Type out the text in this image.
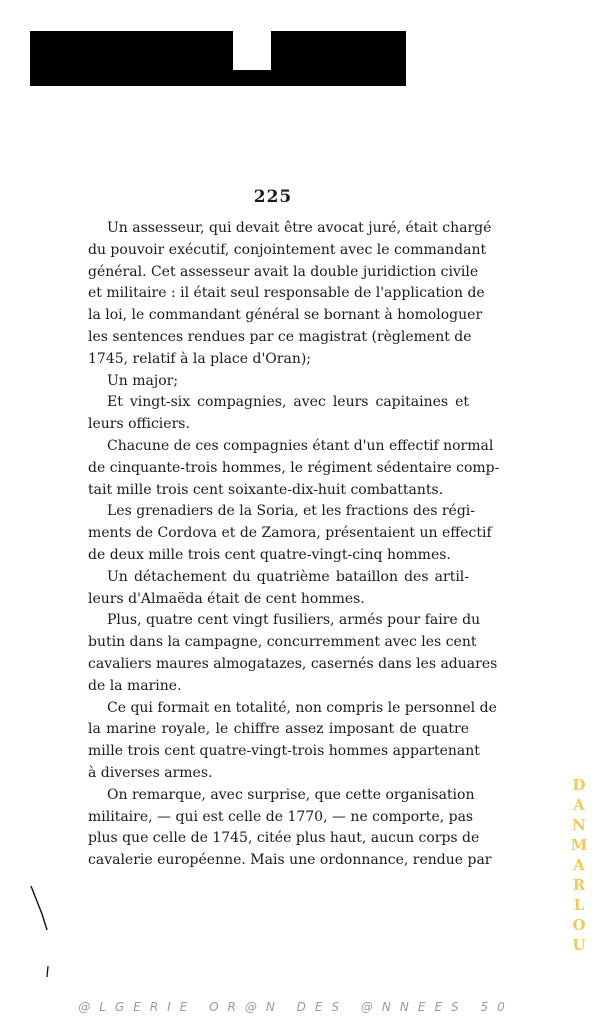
225
Un assesseur, qui devait être avocat juré, était chargé
du pouvoir exécutif, conjointement avec le commandant
général. Cet assesseur avait la double juridiction civile
et militaire : il était seul responsable de l'application de
la loi, le commandant général se bornant à homologuer
les sentences rendues par ce magistrat (règlement de
1745, relatif à la place d'Oran);
Un major;
Et vingt-six compagnies, avec leurs capitaines et
leurs officiers.
Chacune de ces compagnies étant d'un effectif normal
de cinquante-trois hommes, le régiment sédentaire comp-
tait mille trois cent soixante-dix-huit combattants.
Les grenadiers de la Soria, et les fractions des régi-
ments de Cordova et de Zamora, présentaient un effectif
de deux mille trois cent quatre-vingt-cinq hommes.
Un détachement du quatrième bataillon des artil-
leurs d'Almaëda était de cent hommes.
Plus, quatre cent vingt fusiliers, armés pour faire du
butin dans la campagne, concurremment avec les cent
cavaliers maures almogatazes, casernés dans les aduares
de la marine.
Ce qui formait en totalité, non compris le personnel de
la marine royale, le chiffre assez imposant de quatre
mille trois cent quatre-vingt-trois hommes appartenant
à diverses armes.
On remarque, avec surprise, que cette organisation
militaire, — qui est celle de 1770, — ne comporte, pas
plus que celle de 1745, citée plus haut, aucun corps de
cavalerie européenne. Mais une ordonnance, rendue par	DANMARLOU
@LGERIE OR@N DES @NNEES 50
